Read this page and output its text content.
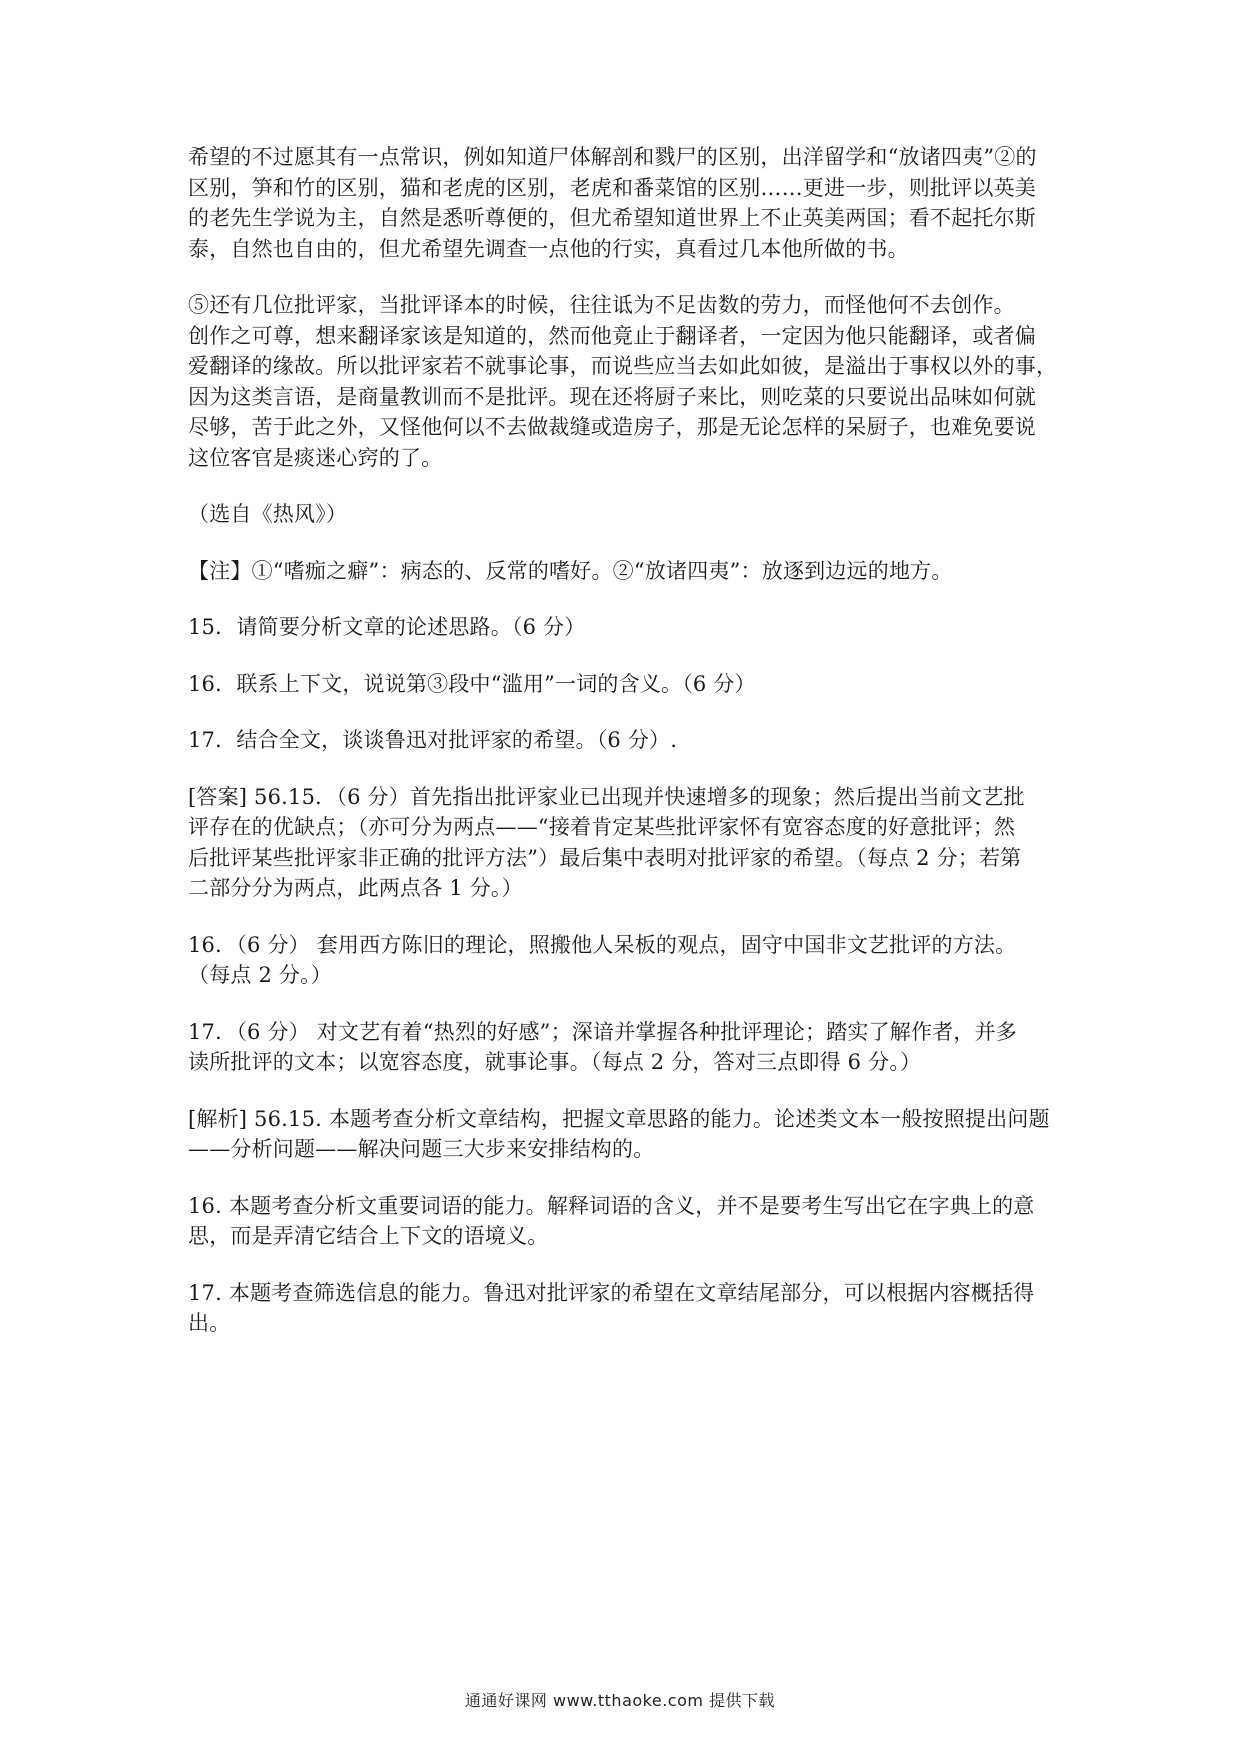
希望的不过愿其有一点常识，例如知道尸体解剖和戮尸的区别，出洋留学和“放诸四夷”②的
区别，笋和竹的区别，猫和老虎的区别，老虎和番菜馆的区别……更进一步，则批评以英美
的老先生学说为主，自然是悉听尊便的，但尤希望知道世界上不止英美两国；看不起托尔斯
泰，自然也自由的，但尤希望先调查一点他的行实，真看过几本他所做的书。
⑤还有几位批评家，当批评译本的时候，往往诋为不足齿数的劳力，而怪他何不去创作。
创作之可尊，想来翻译家该是知道的，然而他竟止于翻译者，一定因为他只能翻译，或者偏
爱翻译的缘故。所以批评家若不就事论事，而说些应当去如此如彼，是溢出于事权以外的事，
因为这类言语，是商量教训而不是批评。现在还将厨子来比，则吃菜的只要说出品味如何就
尽够，苦于此之外，又怪他何以不去做裁缝或造房子，那是无论怎样的呆厨子，也难免要说
这位客官是痰迷心窍的了。
（选自《热风》）
【注】①“嗜痂之癖”：病态的、反常的嗜好。②“放诸四夷”：放逐到边远的地方。
15．请简要分析文章的论述思路。（6 分）
16．联系上下文，说说第③段中“滥用”一词的含义。（6 分）
17．结合全文，谈谈鲁迅对批评家的希望。（6 分）.
[答案] 56.15．（6 分）首先指出批评家业已出现并快速增多的现象；然后提出当前文艺批
评存在的优缺点；（亦可分为两点——“接着肯定某些批评家怀有宽容态度的好意批评；然
后批评某些批评家非正确的批评方法”）最后集中表明对批评家的希望。（每点 2 分；若第
二部分分为两点，此两点各 1 分。）
16．（6 分） 套用西方陈旧的理论，照搬他人呆板的观点，固守中国非文艺批评的方法。
（每点 2 分。）
17．（6 分） 对文艺有着“热烈的好感”；深谙并掌握各种批评理论；踏实了解作者，并多
读所批评的文本；以宽容态度，就事论事。（每点 2 分，答对三点即得 6 分。）
[解析] 56.15. 本题考查分析文章结构，把握文章思路的能力。论述类文本一般按照提出问题
——分析问题——解决问题三大步来安排结构的。
16. 本题考查分析文重要词语的能力。解释词语的含义，并不是要考生写出它在字典上的意
思，而是弄清它结合上下文的语境义。
17. 本题考查筛选信息的能力。鲁迅对批评家的希望在文章结尾部分，可以根据内容概括得
出。
通通好课网 www.tthaoke.com 提供下载
